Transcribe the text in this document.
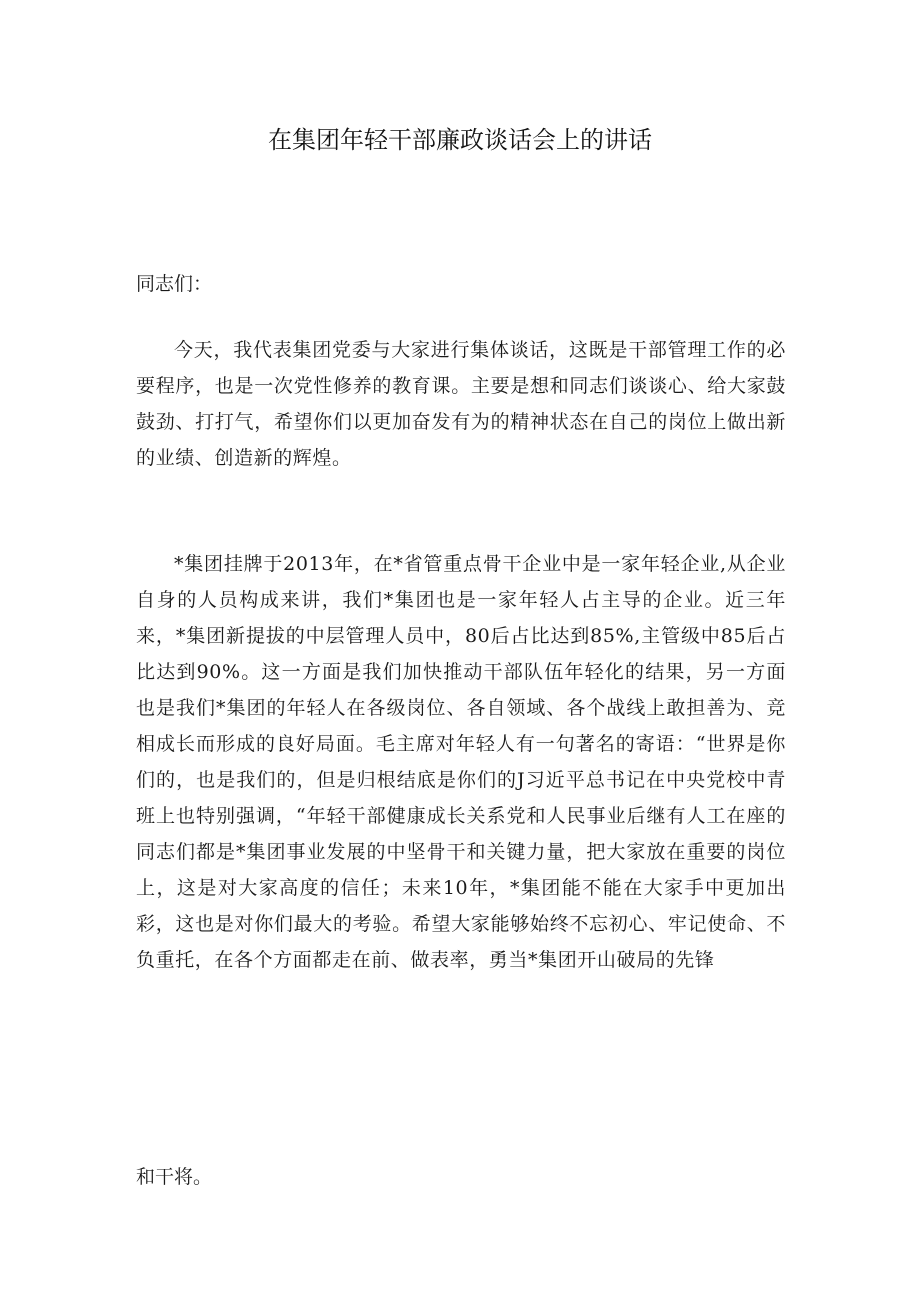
在集团年轻干部廉政谈话会上的讲话

同志们：

今天，我代表集团党委与大家进行集体谈话，这既是干部管理工作的必要程序，也是一次党性修养的教育课。主要是想和同志们谈谈心、给大家鼓鼓劲、打打气，希望你们以更加奋发有为的精神状态在自己的岗位上做出新的业绩、创造新的辉煌。

*集团挂牌于2013年，在*省管重点骨干企业中是一家年轻企业,从企业自身的人员构成来讲，我们*集团也是一家年轻人占主导的企业。近三年来，*集团新提拔的中层管理人员中，80后占比达到85%,主管级中85后占比达到90%。这一方面是我们加快推动干部队伍年轻化的结果，另一方面也是我们*集团的年轻人在各级岗位、各自领域、各个战线上敢担善为、竞相成长而形成的良好局面。毛主席对年轻人有一句著名的寄语：“世界是你们的，也是我们的，但是归根结底是你们的J习近平总书记在中央党校中青班上也特别强调，“年轻干部健康成长关系党和人民事业后继有人工在座的同志们都是*集团事业发展的中坚骨干和关键力量，把大家放在重要的岗位上，这是对大家高度的信任；未来10年，*集团能不能在大家手中更加出彩，这也是对你们最大的考验。希望大家能够始终不忘初心、牢记使命、不负重托，在各个方面都走在前、做表率，勇当*集团开山破局的先锋

和干将。
